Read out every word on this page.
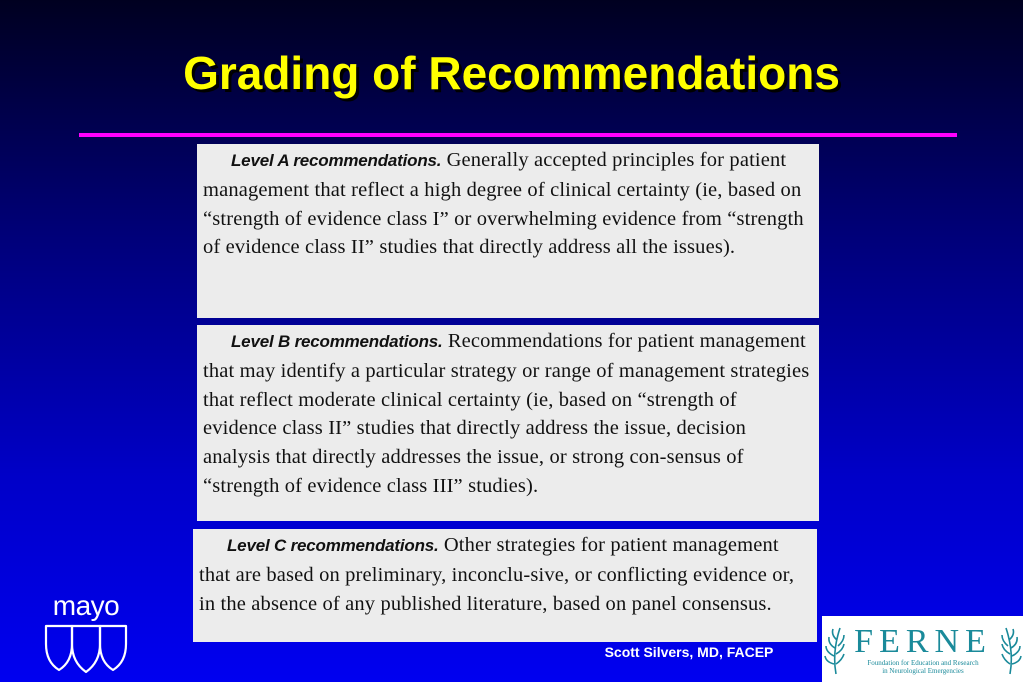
Grading of Recommendations
Level A recommendations. Generally accepted principles for patient management that reflect a high degree of clinical certainty (ie, based on “strength of evidence class I” or overwhelming evidence from “strength of evidence class II” studies that directly address all the issues).
Level B recommendations. Recommendations for patient management that may identify a particular strategy or range of management strategies that reflect moderate clinical certainty (ie, based on “strength of evidence class II” studies that directly address the issue, decision analysis that directly addresses the issue, or strong con-sensus of “strength of evidence class III” studies).
Level C recommendations. Other strategies for patient management that are based on preliminary, inconclu-sive, or conflicting evidence or, in the absence of any published literature, based on panel consensus.
mayo
Scott Silvers, MD, FACEP	FERNE
Foundation for Education and Research
in Neurological Emergencies
